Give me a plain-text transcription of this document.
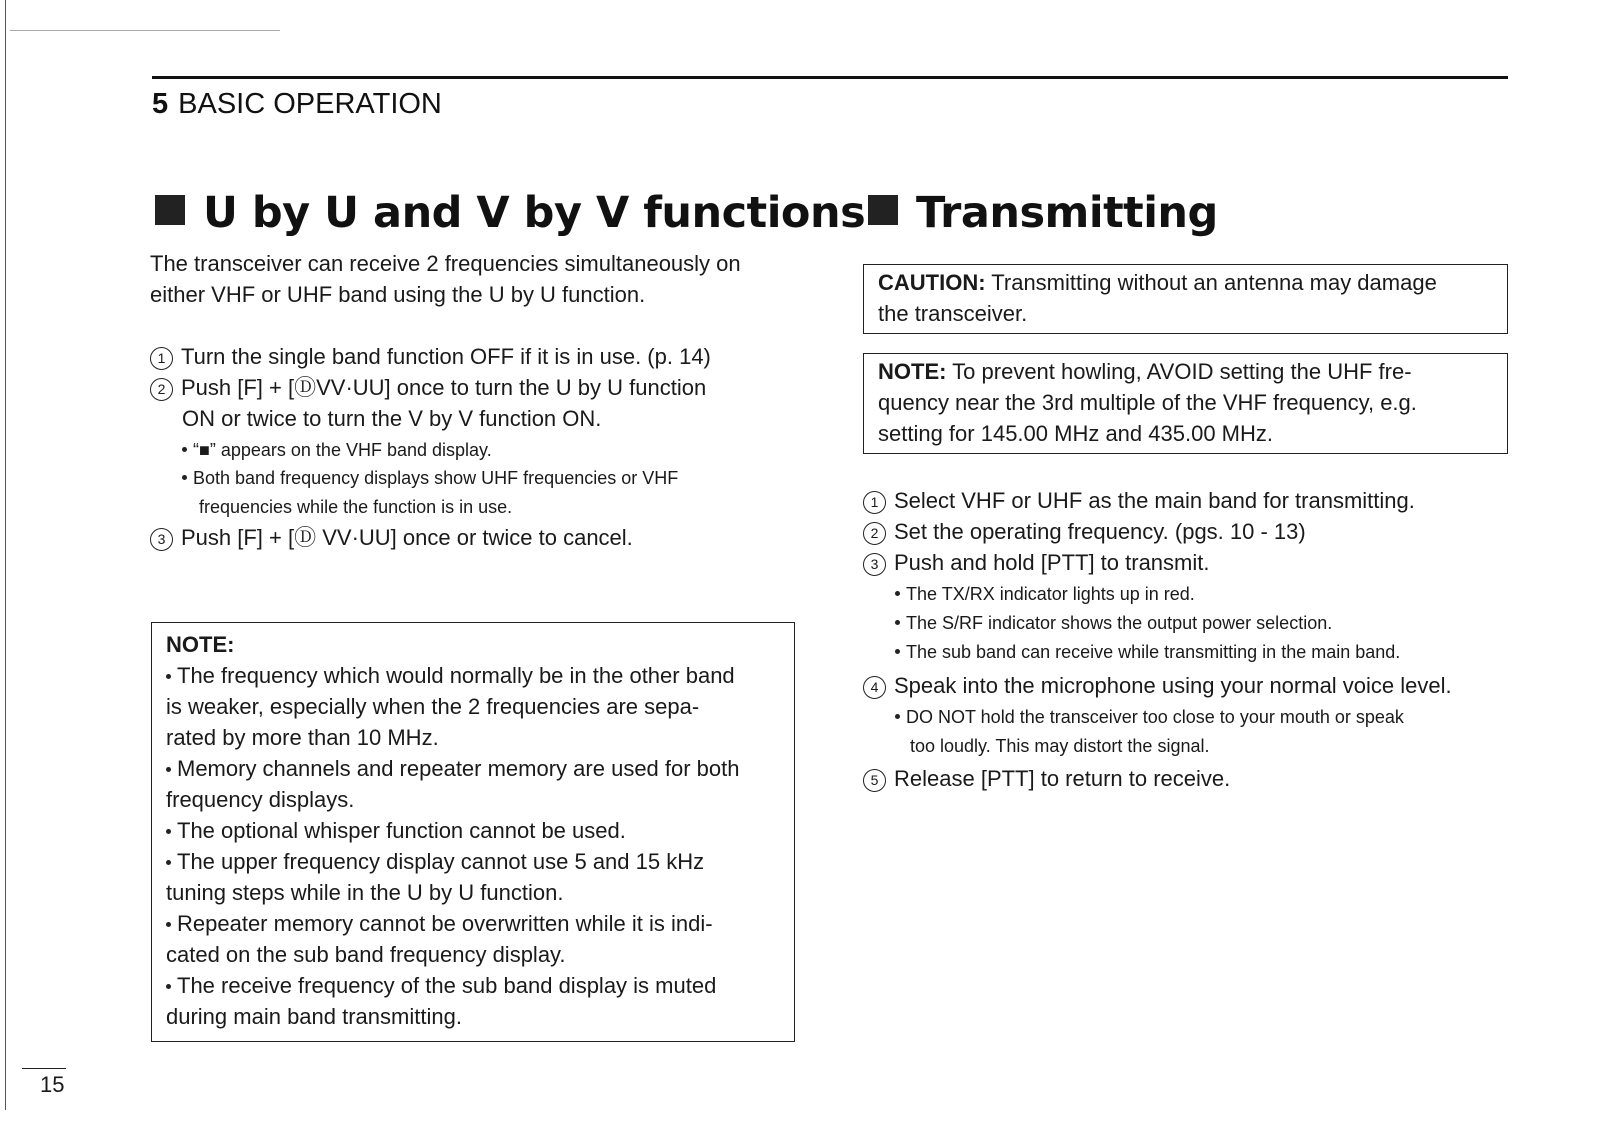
5 BASIC OPERATION
U by U and V by V functions
The transceiver can receive 2 frequencies simultaneously on either VHF or UHF band using the U by U function.
1 Turn the single band function OFF if it is in use. (p. 14)
2 Push [F] + [ⒹVV·UU] once to turn the U by U function
ON or twice to turn the V by V function ON.
“■” appears on the VHF band display.
Both band frequency displays show UHF frequencies or VHF
frequencies while the function is in use.
3 Push [F] + [Ⓓ VV·UU] once or twice to cancel.
NOTE:
The frequency which would normally be in the other band
is weaker, especially when the 2 frequencies are sepa-
rated by more than 10 MHz.
Memory channels and repeater memory are used for both
frequency displays.
The optional whisper function cannot be used.
The upper frequency display cannot use 5 and 15 kHz
tuning steps while in the U by U function.
Repeater memory cannot be overwritten while it is indi-
cated on the sub band frequency display.
The receive frequency of the sub band display is muted
during main band transmitting.
Transmitting
CAUTION: Transmitting without an antenna may damage
the transceiver.
NOTE: To prevent howling, AVOID setting the UHF fre-
quency near the 3rd multiple of the VHF frequency, e.g.
setting for 145.00 MHz and 435.00 MHz.
1 Select VHF or UHF as the main band for transmitting.
2 Set the operating frequency. (pgs. 10 - 13)
3 Push and hold [PTT] to transmit.
The TX/RX indicator lights up in red.
The S/RF indicator shows the output power selection.
The sub band can receive while transmitting in the main band.
4 Speak into the microphone using your normal voice level.
DO NOT hold the transceiver too close to your mouth or speak
too loudly. This may distort the signal.
5 Release [PTT] to return to receive.
15
